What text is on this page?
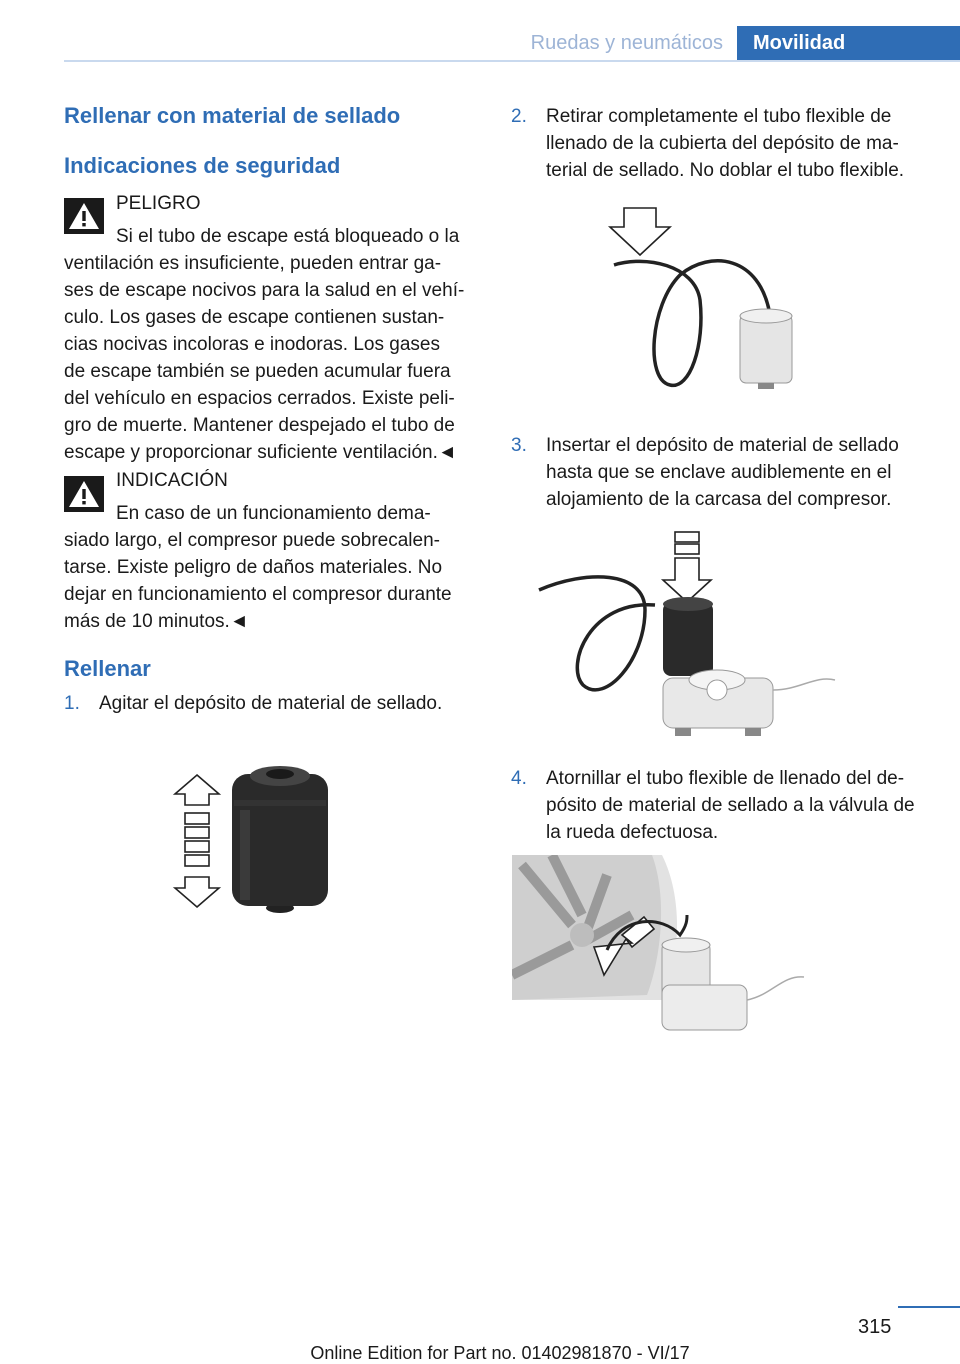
Ruedas y neumáticos	Movilidad
Rellenar con material de sellado
Indicaciones de seguridad

PELIGRO

Si el tubo de escape está bloqueado o la

ventilación es insuficiente, pueden entrar ga-
ses de escape nocivos para la salud en el vehí-
culo. Los gases de escape contienen sustan-
cias nocivas incoloras e inodoras. Los gases
de escape también se pueden acumular fuera
del vehículo en espacios cerrados. Existe peli-
gro de muerte. Mantener despejado el tubo de
escape y proporcionar suficiente ventilación.◄

INDICACIÓN

En caso de un funcionamiento dema-

siado largo, el compresor puede sobrecalen-
tarse. Existe peligro de daños materiales. No
dejar en funcionamiento el compresor durante
más de 10 minutos.◄

Rellenar
1. Agitar el depósito de material de sellado.

2. Retirar completamente el tubo flexible de
llenado de la cubierta del depósito de ma-
terial de sellado. No doblar el tubo flexible.

3. Insertar el depósito de material de sellado
hasta que se enclave audiblemente en el
alojamiento de la carcasa del compresor.

4. Atornillar el tubo flexible de llenado del de-
pósito de material de sellado a la válvula de
la rueda defectuosa.

315
Online Edition for Part no. 01402981870 - VI/17
